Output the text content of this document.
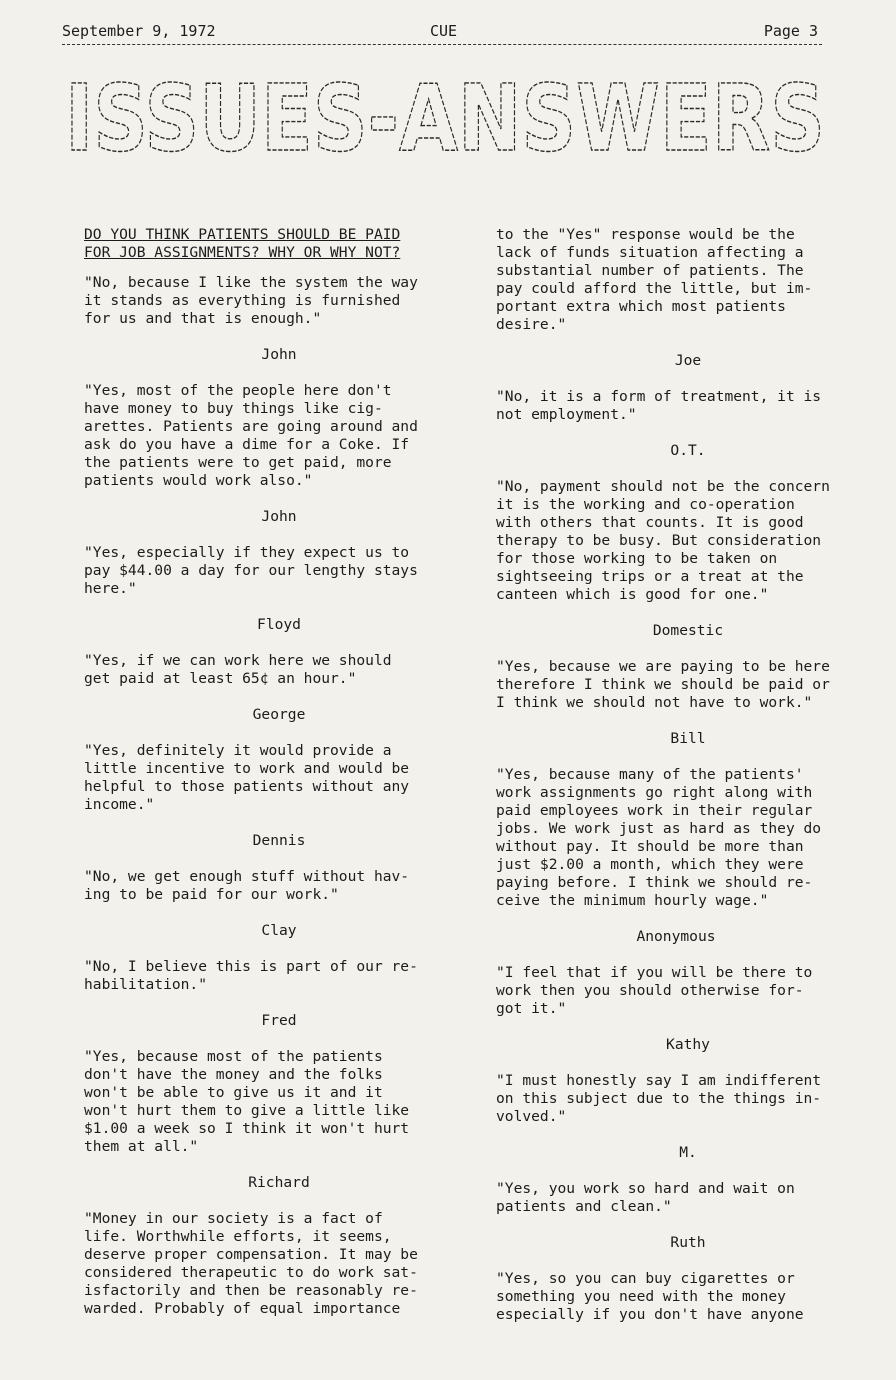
September 9, 1972	CUE	Page 3
ISSUES-ANSWERS

DO YOU THINK PATIENTS SHOULD BE PAID
FOR JOB ASSIGNMENTS? WHY OR WHY NOT?

"No, because I like the system the way
it stands as everything is furnished
for us and that is enough."

John

"Yes, most of the people here don't
have money to buy things like cig-
arettes. Patients are going around and
ask do you have a dime for a Coke. If
the patients were to get paid, more
patients would work also."

John

"Yes, especially if they expect us to
pay $44.00 a day for our lengthy stays
here."

Floyd

"Yes, if we can work here we should
get paid at least 65¢ an hour."

George

"Yes, definitely it would provide a
little incentive to work and would be
helpful to those patients without any
income."

Dennis

"No, we get enough stuff without hav-
ing to be paid for our work."

Clay

"No, I believe this is part of our re-
habilitation."

Fred

"Yes, because most of the patients
don't have the money and the folks
won't be able to give us it and it
won't hurt them to give a little like
$1.00 a week so I think it won't hurt
them at all."

Richard

"Money in our society is a fact of
life. Worthwhile efforts, it seems,
deserve proper compensation. It may be
considered therapeutic to do work sat-
isfactorily and then be reasonably re-
warded. Probably of equal importance

to the "Yes" response would be the
lack of funds situation affecting a
substantial number of patients. The
pay could afford the little, but im-
portant extra which most patients
desire."

Joe

"No, it is a form of treatment, it is
not employment."

O.T.

"No, payment should not be the concern
it is the working and co-operation
with others that counts. It is good
therapy to be busy. But consideration
for those working to be taken on
sightseeing trips or a treat at the
canteen which is good for one."

Domestic

"Yes, because we are paying to be here
therefore I think we should be paid or
I think we should not have to work."

Bill

"Yes, because many of the patients'
work assignments go right along with
paid employees work in their regular
jobs. We work just as hard as they do
without pay. It should be more than
just $2.00 a month, which they were
paying before. I think we should re-
ceive the minimum hourly wage."

Anonymous

"I feel that if you will be there to
work then you should otherwise for-
got it."

Kathy

"I must honestly say I am indifferent
on this subject due to the things in-
volved."

M.

"Yes, you work so hard and wait on
patients and clean."

Ruth

"Yes, so you can buy cigarettes or
something you need with the money
especially if you don't have anyone
